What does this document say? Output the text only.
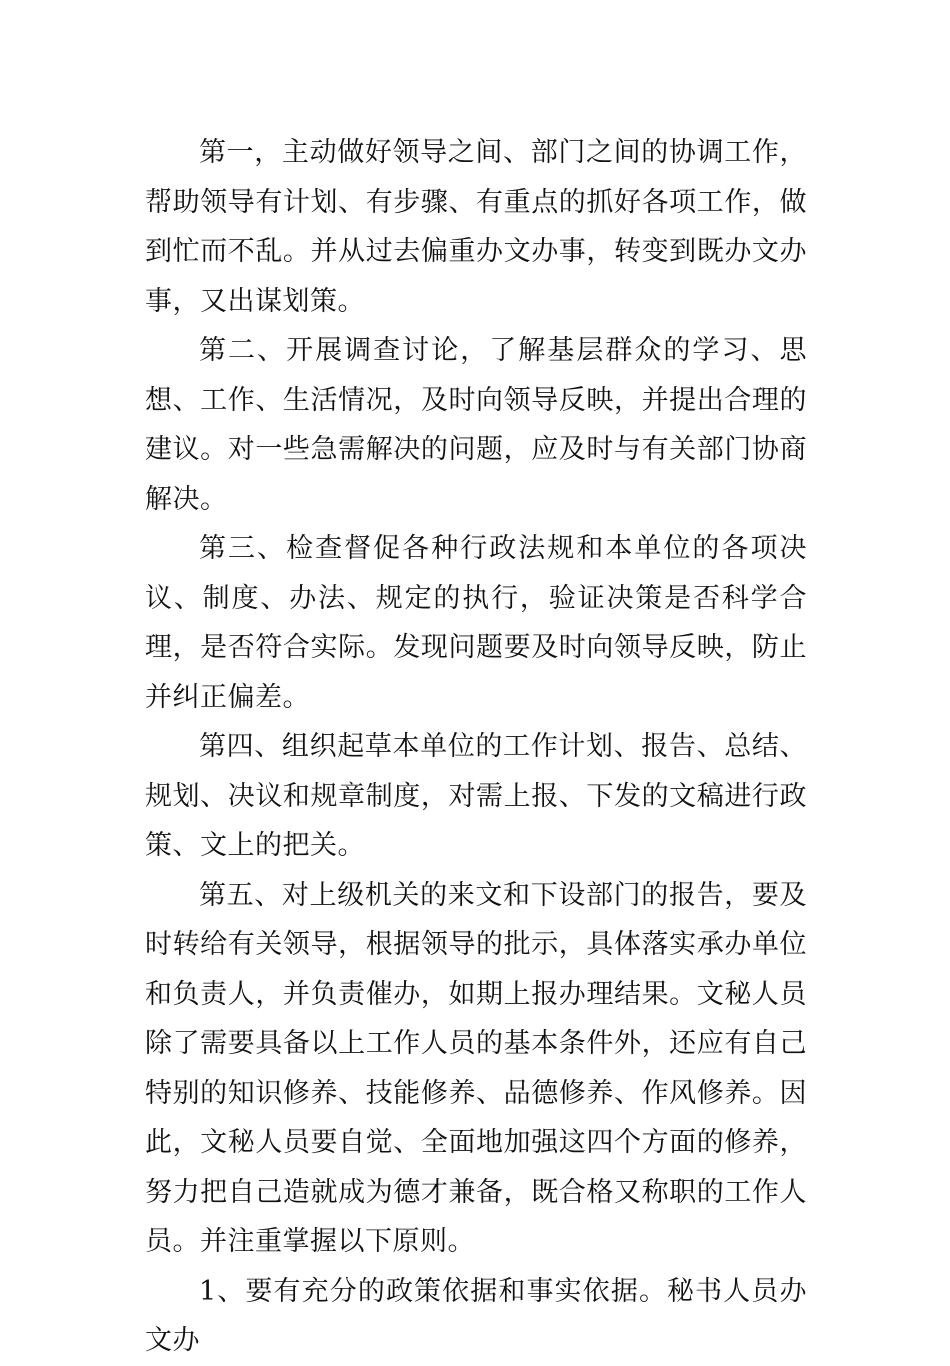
第一，主动做好领导之间、部门之间的协调工作，帮助领导有计划、有步骤、有重点的抓好各项工作，做到忙而不乱。并从过去偏重办文办事，转变到既办文办事，又出谋划策。

第二、开展调查讨论，了解基层群众的学习、思想、工作、生活情况，及时向领导反映，并提出合理的建议。对一些急需解决的问题，应及时与有关部门协商解决。

第三、检查督促各种行政法规和本单位的各项决议、制度、办法、规定的执行，验证决策是否科学合理，是否符合实际。发现问题要及时向领导反映，防止并纠正偏差。

第四、组织起草本单位的工作计划、报告、总结、规划、决议和规章制度，对需上报、下发的文稿进行政策、文上的把关。

第五、对上级机关的来文和下设部门的报告，要及时转给有关领导，根据领导的批示，具体落实承办单位和负责人，并负责催办，如期上报办理结果。文秘人员除了需要具备以上工作人员的基本条件外，还应有自己特别的知识修养、技能修养、品德修养、作风修养。因此，文秘人员要自觉、全面地加强这四个方面的修养，努力把自己造就成为德才兼备，既合格又称职的工作人员。并注重掌握以下原则。

1、要有充分的政策依据和事实依据。秘书人员办文办
